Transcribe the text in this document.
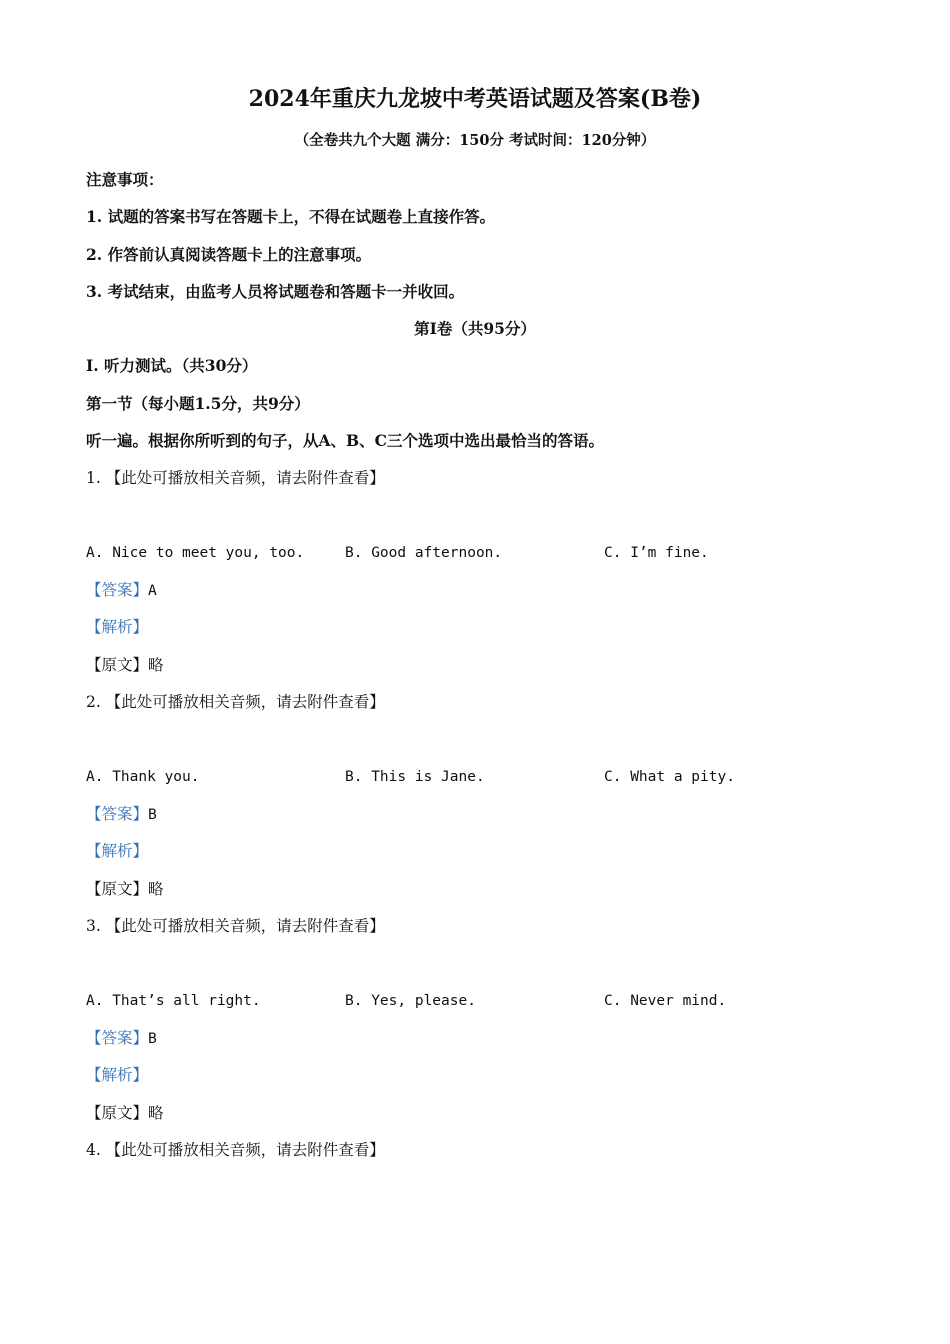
2024年重庆九龙坡中考英语试题及答案(B卷)
（全卷共九个大题 满分：150分 考试时间：120分钟）
注意事项：
1. 试题的答案书写在答题卡上，不得在试题卷上直接作答。
2. 作答前认真阅读答题卡上的注意事项。
3. 考试结束，由监考人员将试题卷和答题卡一并收回。
第Ⅰ卷（共95分）
Ⅰ. 听力测试。（共30分）
第一节（每小题1.5分，共9分）
听一遍。根据你所听到的句子，从A、B、C三个选项中选出最恰当的答语。
1. 【此处可播放相关音频，请去附件查看】
A. Nice to meet you, too.	B. Good afternoon.	C. I’m fine.
【答案】A
【解析】
【原文】略
2. 【此处可播放相关音频，请去附件查看】
A. Thank you.	B. This is Jane.	C. What a pity.
【答案】B
【解析】
【原文】略
3. 【此处可播放相关音频，请去附件查看】
A. That’s all right.	B. Yes, please.	C. Never mind.
【答案】B
【解析】
【原文】略
4. 【此处可播放相关音频，请去附件查看】
